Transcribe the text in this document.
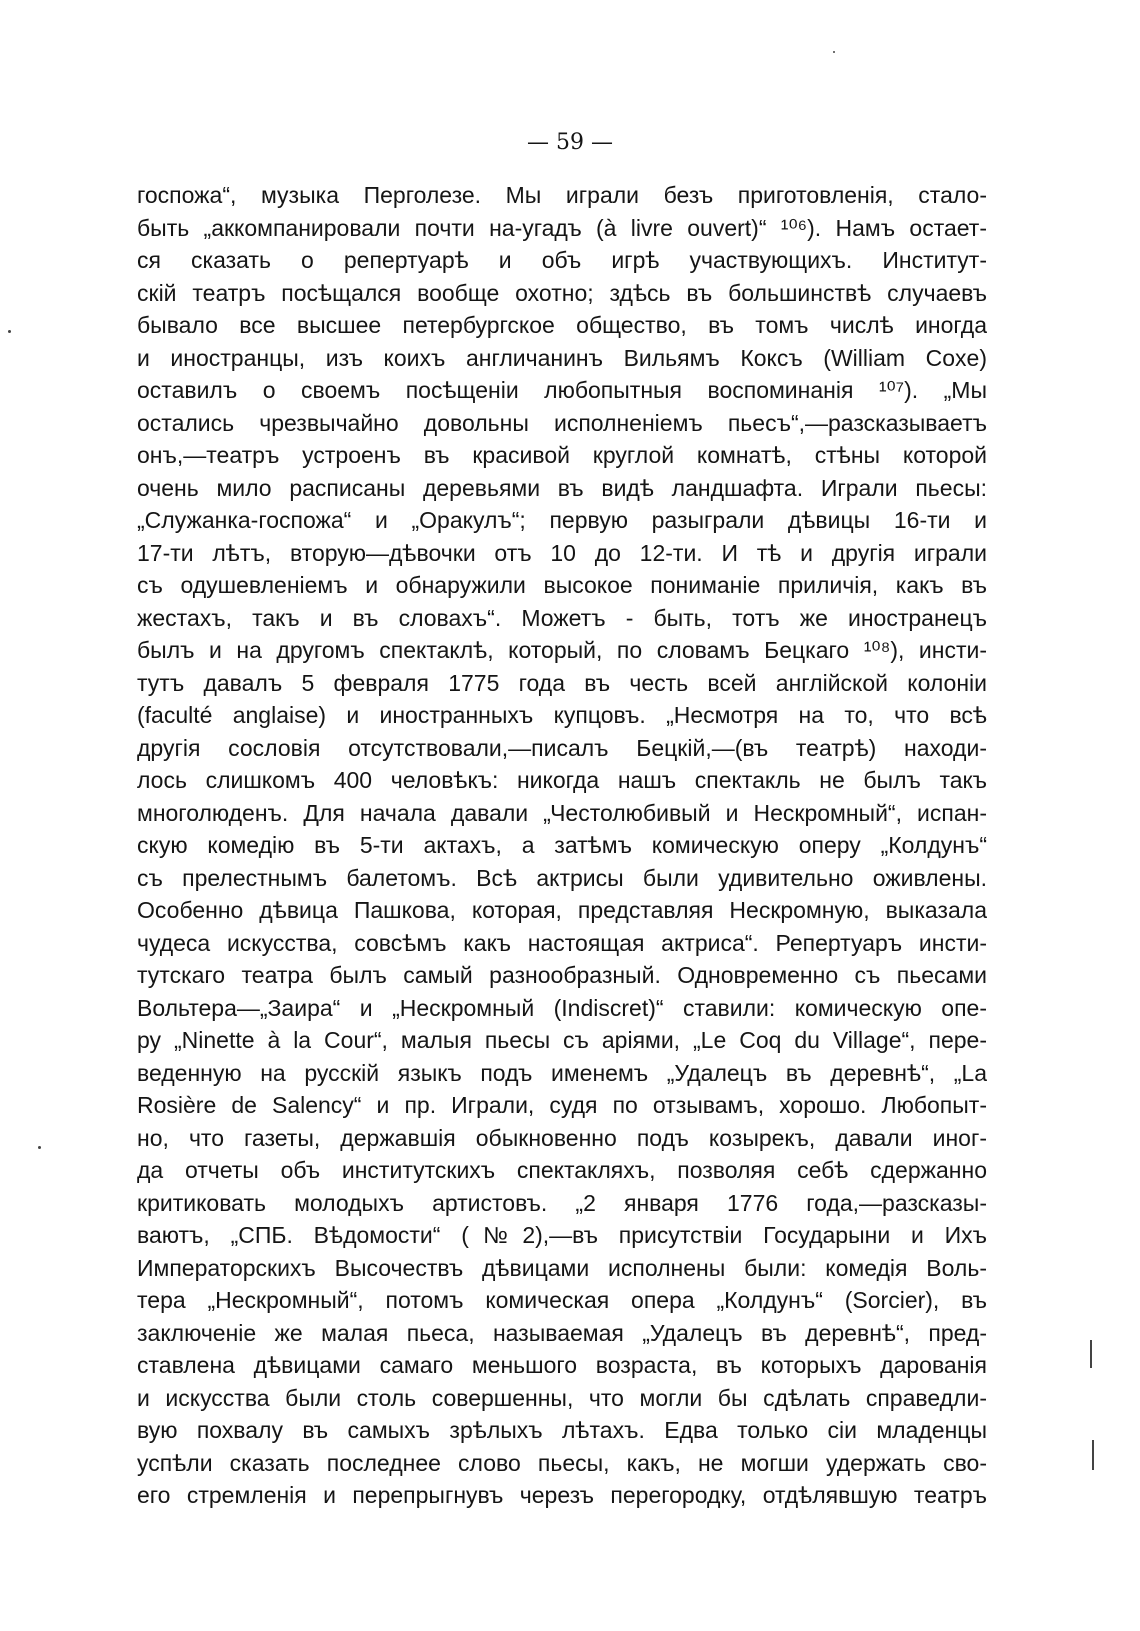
— 59 —
госпожа“, музыка Перголезе. Мы играли безъ приготовленія, стало-
быть „аккомпанировали почти на-угадъ (à livre ouvert)“ ¹⁰⁶). Намъ остает-
ся сказать о репертуарѣ и объ игрѣ участвующихъ. Институт-
скій театръ посѣщался вообще охотно; здѣсь въ большинствѣ случаевъ
бывало все высшее петербургское общество, въ томъ числѣ иногда
и иностранцы, изъ коихъ англичанинъ Вильямъ Коксъ (William Coxe)
оставилъ о своемъ посѣщеніи любопытныя воспоминанія ¹⁰⁷). „Мы
остались чрезвычайно довольны исполненіемъ пьесъ“,—разсказываетъ
онъ,—театръ устроенъ въ красивой круглой комнатѣ, стѣны которой
очень мило расписаны деревьями въ видѣ ландшафта. Играли пьесы:
„Служанка-госпожа“ и „Оракулъ“; первую разыграли дѣвицы 16-ти и
17-ти лѣтъ, вторую—дѣвочки отъ 10 до 12-ти. И тѣ и другія играли
съ одушевленіемъ и обнаружили высокое пониманіе приличія, какъ въ
жестахъ, такъ и въ словахъ“. Можетъ - быть, тотъ же иностранецъ
былъ и на другомъ спектаклѣ, который, по словамъ Бецкаго ¹⁰⁸), инсти-
тутъ давалъ 5 февраля 1775 года въ честь всей англійской колоніи
(faculté anglaise) и иностранныхъ купцовъ. „Несмотря на то, что всѣ
другія сословія отсутствовали,—писалъ Бецкій,—(въ театрѣ) находи-
лось слишкомъ 400 человѣкъ: никогда нашъ спектакль не былъ такъ
многолюденъ. Для начала давали „Честолюбивый и Нескромный“, испан-
скую комедію въ 5-ти актахъ, а затѣмъ комическую оперу „Колдунъ“
съ прелестнымъ балетомъ. Всѣ актрисы были удивительно оживлены.
Особенно дѣвица Пашкова, которая, представляя Нескромную, выказала
чудеса искусства, совсѣмъ какъ настоящая актриса“. Репертуаръ инсти-
тутскаго театра былъ самый разнообразный. Одновременно съ пьесами
Вольтера—„Заира“ и „Нескромный (Indiscret)“ ставили: комическую опе-
ру „Ninette à la Cour“, малыя пьесы съ аріями, „Le Coq du Village“, пере-
веденную на русскій языкъ подъ именемъ „Удалецъ въ деревнѣ“, „La
Rosière de Salency“ и пр. Играли, судя по отзывамъ, хорошо. Любопыт-
но, что газеты, державшія обыкновенно подъ козырекъ, давали иног-
да отчеты объ институтскихъ спектакляхъ, позволяя себѣ сдержанно
критиковать молодыхъ артистовъ. „2 января 1776 года,—разсказы-
ваютъ, „СПБ. Вѣдомости“ (№2),—въ присутствіи Государыни и Ихъ
Императорскихъ Высочествъ дѣвицами исполнены были: комедія Воль-
тера „Нескромный“, потомъ комическая опера „Колдунъ“ (Sorcier), въ
заключеніе же малая пьеса, называемая „Удалецъ въ деревнѣ“, пред-
ставлена дѣвицами самаго меньшого возраста, въ которыхъ дарованія
и искусства были столь совершенны, что могли бы сдѣлать справедли-
вую похвалу въ самыхъ зрѣлыхъ лѣтахъ. Едва только сіи младенцы
успѣли сказать последнее слово пьесы, какъ, не могши удержать сво-
его стремленія и перепрыгнувъ черезъ перегородку, отдѣлявшую театръ
